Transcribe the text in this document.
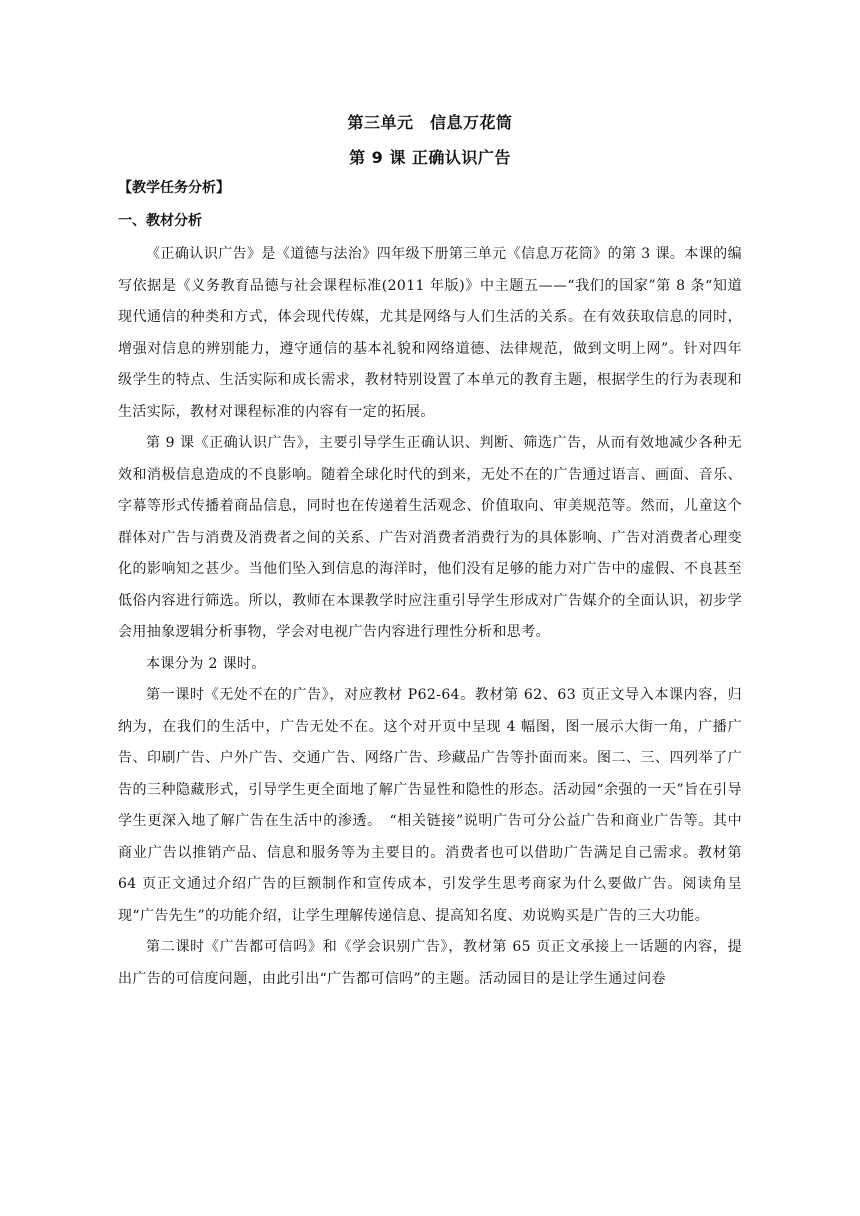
第三单元　信息万花筒
第 9 课 正确认识广告
【教学任务分析】
一、教材分析

《正确认识广告》是《道德与法治》四年级下册第三单元《信息万花筒》的第 3 课。本课的编写依据是《义务教育品德与社会课程标准(2011 年版)》中主题五——“我们的国家”第 8 条“知道现代通信的种类和方式，体会现代传媒，尤其是网络与人们生活的关系。在有效获取信息的同时，增强对信息的辨别能力，遵守通信的基本礼貌和网络道德、法律规范，做到文明上网”。针对四年级学生的特点、生活实际和成长需求，教材特别设置了本单元的教育主题，根据学生的行为表现和生活实际，教材对课程标准的内容有一定的拓展。

第 9 课《正确认识广告》，主要引导学生正确认识、判断、筛选广告，从而有效地减少各种无效和消极信息造成的不良影响。随着全球化时代的到来，无处不在的广告通过语言、画面、音乐、字幕等形式传播着商品信息，同时也在传递着生活观念、价值取向、审美规范等。然而，儿童这个群体对广告与消费及消费者之间的关系、广告对消费者消费行为的具体影响、广告对消费者心理变化的影响知之甚少。当他们坠入到信息的海洋时，他们没有足够的能力对广告中的虚假、不良甚至低俗内容进行筛选。所以，教师在本课教学时应注重引导学生形成对广告媒介的全面认识，初步学会用抽象逻辑分析事物，学会对电视广告内容进行理性分析和思考。

本课分为 2 课时。

第一课时《无处不在的广告》，对应教材 P62-64。教材第 62、63 页正文导入本课内容，归纳为，在我们的生活中，广告无处不在。这个对开页中呈现 4 幅图，图一展示大街一角，广播广告、印刷广告、户外广告、交通广告、网络广告、珍藏品广告等扑面而来。图二、三、四列举了广告的三种隐藏形式，引导学生更全面地了解广告显性和隐性的形态。活动园“余强的一天”旨在引导学生更深入地了解广告在生活中的渗透。　“相关链接”说明广告可分公益广告和商业广告等。其中商业广告以推销产品、信息和服务等为主要目的。消费者也可以借助广告满足自己需求。教材第 64 页正文通过介绍广告的巨额制作和宣传成本，引发学生思考商家为什么要做广告。阅读角呈现“广告先生”的功能介绍，让学生理解传递信息、提高知名度、劝说购买是广告的三大功能。

第二课时《广告都可信吗》和《学会识别广告》，教材第 65 页正文承接上一话题的内容，提出广告的可信度问题，由此引出“广告都可信吗”的主题。活动园目的是让学生通过问卷
